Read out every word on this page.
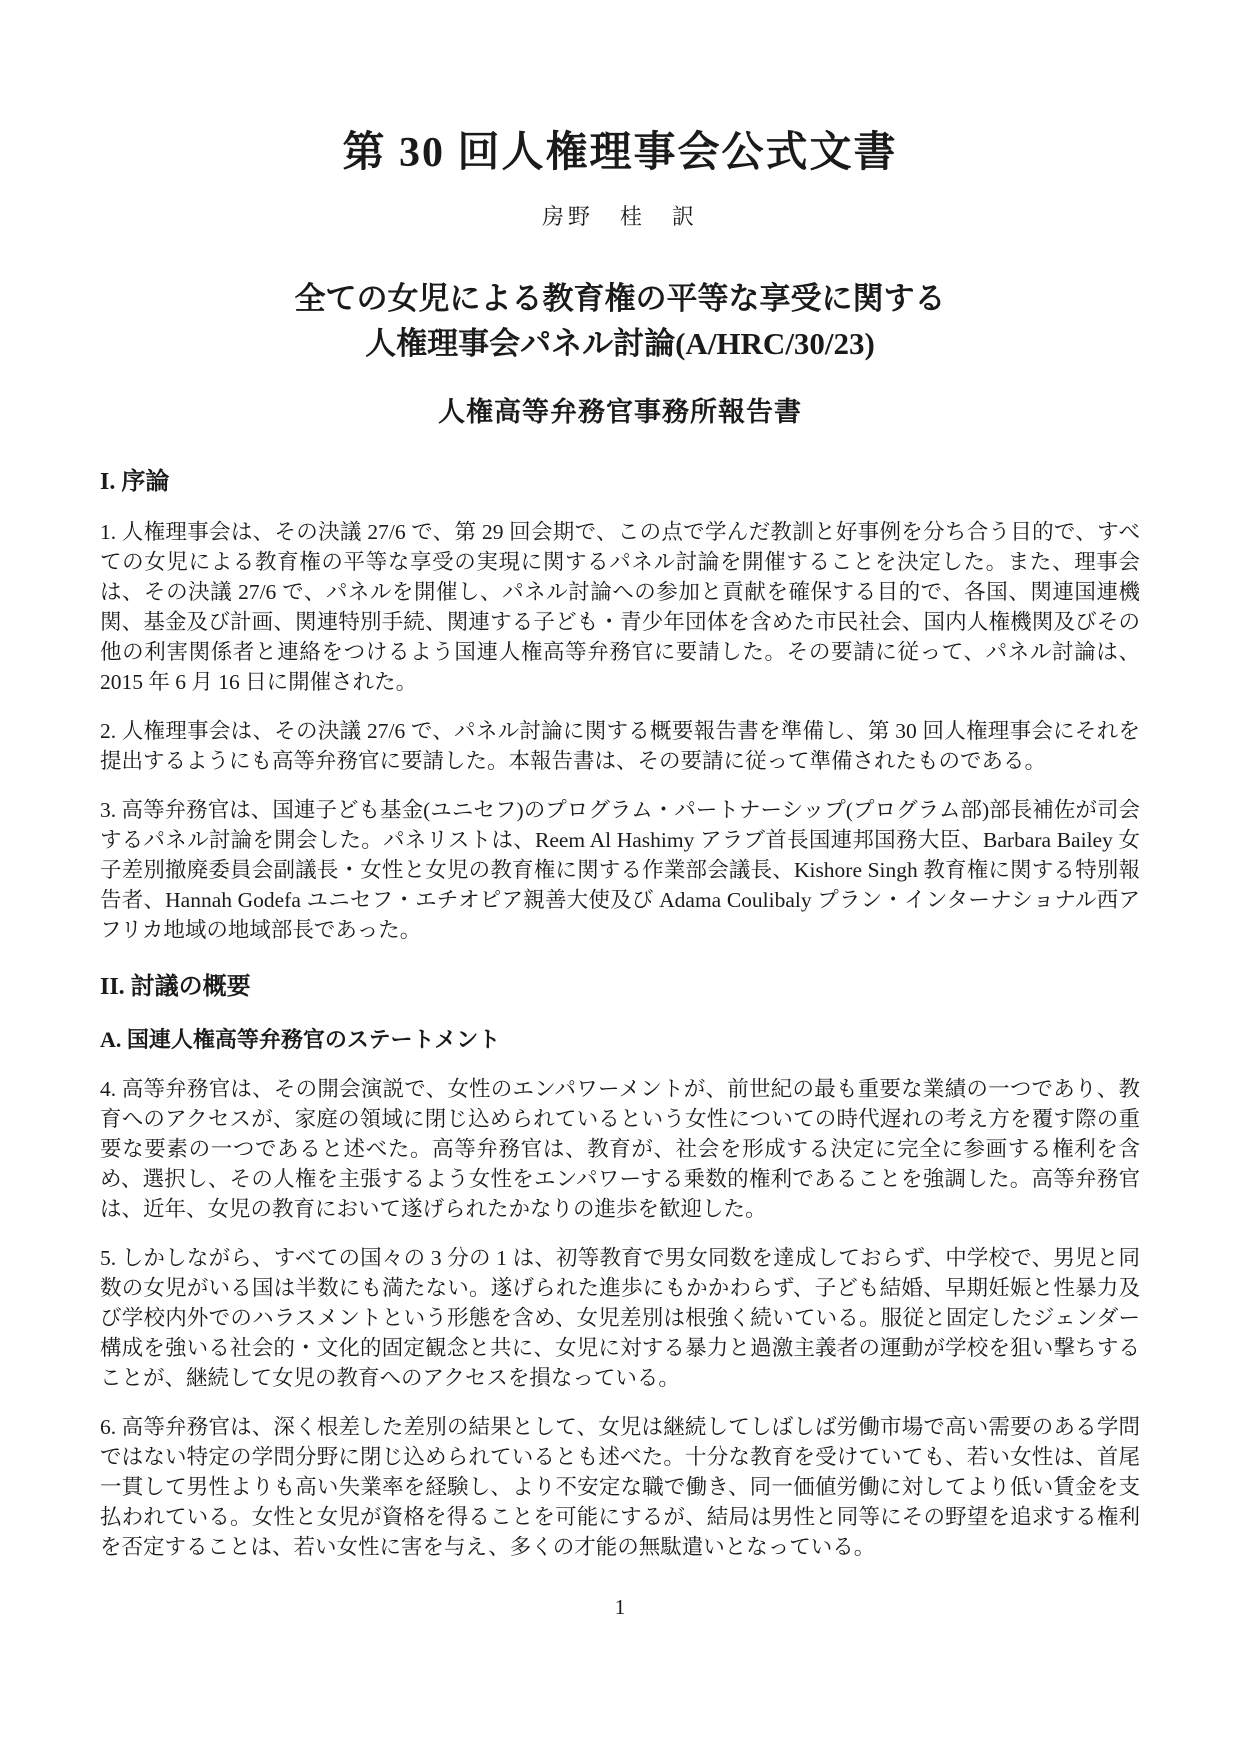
第 30 回人権理事会公式文書
房野　桂　訳
全ての女児による教育権の平等な享受に関する
人権理事会パネル討論(A/HRC/30/23)
人権高等弁務官事務所報告書
I. 序論
1. 人権理事会は、その決議 27/6 で、第 29 回会期で、この点で学んだ教訓と好事例を分ち合う目的で、すべての女児による教育権の平等な享受の実現に関するパネル討論を開催することを決定した。また、理事会は、その決議 27/6 で、パネルを開催し、パネル討論への参加と貢献を確保する目的で、各国、関連国連機関、基金及び計画、関連特別手続、関連する子ども・青少年団体を含めた市民社会、国内人権機関及びその他の利害関係者と連絡をつけるよう国連人権高等弁務官に要請した。その要請に従って、パネル討論は、2015 年 6 月 16 日に開催された。
2. 人権理事会は、その決議 27/6 で、パネル討論に関する概要報告書を準備し、第 30 回人権理事会にそれを提出するようにも高等弁務官に要請した。本報告書は、その要請に従って準備されたものである。
3. 高等弁務官は、国連子ども基金(ユニセフ)のプログラム・パートナーシップ(プログラム部)部長補佐が司会するパネル討論を開会した。パネリストは、Reem Al Hashimy アラブ首長国連邦国務大臣、Barbara Bailey 女子差別撤廃委員会副議長・女性と女児の教育権に関する作業部会議長、Kishore Singh 教育権に関する特別報告者、Hannah Godefa ユニセフ・エチオピア親善大使及び Adama Coulibaly プラン・インターナショナル西アフリカ地域の地域部長であった。
II. 討議の概要
A. 国連人権高等弁務官のステートメント
4. 高等弁務官は、その開会演説で、女性のエンパワーメントが、前世紀の最も重要な業績の一つであり、教育へのアクセスが、家庭の領域に閉じ込められているという女性についての時代遅れの考え方を覆す際の重要な要素の一つであると述べた。高等弁務官は、教育が、社会を形成する決定に完全に参画する権利を含め、選択し、その人権を主張するよう女性をエンパワーする乗数的権利であることを強調した。高等弁務官は、近年、女児の教育において遂げられたかなりの進歩を歓迎した。
5. しかしながら、すべての国々の 3 分の 1 は、初等教育で男女同数を達成しておらず、中学校で、男児と同数の女児がいる国は半数にも満たない。遂げられた進歩にもかかわらず、子ども結婚、早期妊娠と性暴力及び学校内外でのハラスメントという形態を含め、女児差別は根強く続いている。服従と固定したジェンダー構成を強いる社会的・文化的固定観念と共に、女児に対する暴力と過激主義者の運動が学校を狙い撃ちすることが、継続して女児の教育へのアクセスを損なっている。
6. 高等弁務官は、深く根差した差別の結果として、女児は継続してしばしば労働市場で高い需要のある学問ではない特定の学問分野に閉じ込められているとも述べた。十分な教育を受けていても、若い女性は、首尾一貫して男性よりも高い失業率を経験し、より不安定な職で働き、同一価値労働に対してより低い賃金を支払われている。女性と女児が資格を得ることを可能にするが、結局は男性と同等にその野望を追求する権利を否定することは、若い女性に害を与え、多くの才能の無駄遣いとなっている。
1
